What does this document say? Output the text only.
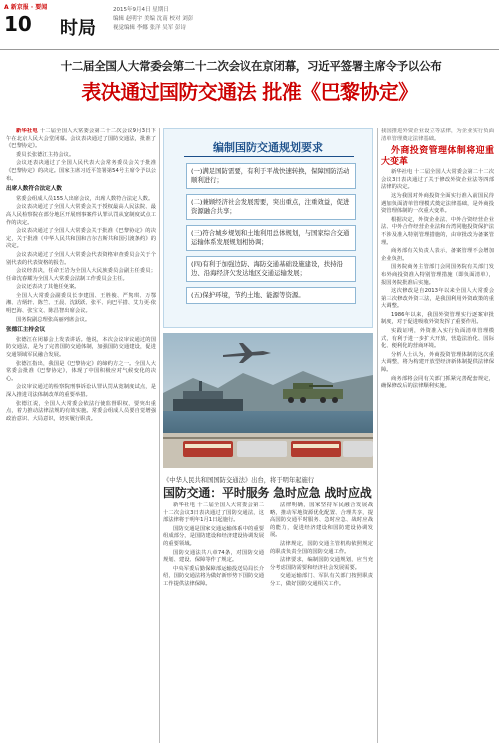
A 新京报 · 要闻
10 时局
2015年9月4日 星期日
编辑 赵明宇 美编 沈南 校对 刘彭
视觉编辑 李娜 张洋 吴军 彭诗
十二届全国人大常委会第二十二次会议在京闭幕，习近平签署主席令予以公布
表决通过国防交通法 批准《巴黎协定》

新华社电 十二届全国人大常委会第二十二次会议9月3日下午在北京人民大会堂闭幕。会议表决通过了国防交通法，批准了《巴黎协定》。

委员长张德江主持会议。

会议还表决通过了全国人民代表大会常务委员会关于批准《巴黎协定》的决定。国家主席习近平签署第54号主席令予以公布。

出席人数符合法定人数

常委会组成人员155人出席会议，出席人数符合法定人数。

会议表决通过了全国人大常委会关于授权最高人民法院、最高人民检察院在部分地区开展刑事案件认罪认罚从宽制度试点工作的决定。

会议表决通过了全国人大常委会关于批准《巴黎协定》的决定，关于批准《中华人民共和国和吉尔吉斯共和国引渡条约》的决定。

会议表决通过了全国人大常委会代表资格审查委员会关于个别代表的代表资格的报告。

会议经表决，任命王岩为全国人大民族委员会副主任委员；任命沈春耀为全国人大常委会法制工作委员会主任。

会议还表决了其他任免案。

全国人大常委会副委员长李建国、王胜俊、严隽琪、万鄂湘、吉炳轩、陈竺、王晨、沈跃跃、张平、向巴平措、艾力更·依明巴海、张宝文、陈昌智出席会议。

国务院副总理张高丽列席会议。

张德江主持会议

张德江在闭幕会上发表讲话。他说，本次会议审议通过的国防交通法，是为了完善国防交通体制，加强国防交通建设，促进交通领域军民融合发展。

张德江指出，我国是《巴黎协定》的缔约方之一。全国人大常委会批准《巴黎协定》，体现了中国积极应对气候变化的决心。

会议审议通过的检察院刑事诉讼认罪认罚从宽制度试点，是深入推进司法体制改革的重要举措。

张德江说，全国人大常委会依法行使监督职权，要突出重点，着力推动法律法规的有效实施。常委会组成人员要自觉增强政治意识、大局意识，切实履行职责。

编制国防交通规划要求
(一)满足国防需要，有利于平战快速转换，保障国防活动顺利进行；
(二)兼顾经济社会发展需要，突出重点，注重效益，促进资源融合共享；
(三)符合城乡规划和土地利用总体规划，与国家综合交通运输体系发展规划相协调；
(四)有利于加强边防、海防交通基础设施建设，扶持沿边、沿海经济欠发达地区交通运输发展；
(五)保护环境，节约土地、能源等资源。
《中华人民共和国国防交通法》出台，将于明年起施行
国防交通：平时服务 急时应急 战时应战

新华社电 十二届全国人大常委会第二十二次会议3日表决通过了国防交通法，这部法律将于明年1月1日起施行。

国防交通是国家交通运输体系中的重要组成部分，是国防建设和经济建设协调发展的重要领域。

国防交通法共八章74条，对国防交通规划、建设、保障等作了规定。

中央军委后勤保障部运输投送局局长介绍，国防交通法将为做好新形势下国防交通工作提供法律保障。

法律明确，国家坚持军民融合发展战略，推动军地资源优化配置、合理共享，提高国防交通平时服务、急时应急、战时应战的能力，促进经济建设和国防建设协调发展。

法律规定，国防交通主管机构依照规定的职责负责全国的国防交通工作。

法律要求，编制国防交通规划，应当充分考虑国防需要和经济社会发展需要。

交通运输部门、军队有关部门按照职责分工，做好国防交通相关工作。

我国推进外资企业设立等法律，为企业实行负面清单管理奠定法律基础。

外商投资管理体制将迎重大变革

新华社电 十二届全国人大常委会第二十二次会议3日表决通过了关于修改外资企业法等四部法律的决定。

这为我国对外商投资全面实行准入前国民待遇加负面清单管理模式奠定法律基础，是外商投资管理体制的一次重大变革。

根据决定，外资企业法、中外合资经营企业法、中外合作经营企业法和台湾同胞投资保护法不涉及准入特别管理措施的，由审批改为备案管理。

商务部有关负责人表示，备案管理不会增加企业负担。

国务院商务主管部门会同国务院有关部门发布外商投资准入特别管理措施（即负面清单），报国务院批准后实施。

这次修改是自2013年以来全国人大常委会第三次修改外资三法，是我国利用外资政策的重大调整。

1986年以来，我国外资管理实行逐案审批制度，对于促进吸收外资发挥了重要作用。

实践证明，外资准入实行负面清单管理模式，有利于进一步扩大开放，营造法治化、国际化、便利化的营商环境。

分析人士认为，外商投资管理体制的这次重大调整，将为构建开放型经济新体制提供法律保障。

商务部将会同有关部门抓紧完善配套规定，确保修改后的法律顺利实施。
